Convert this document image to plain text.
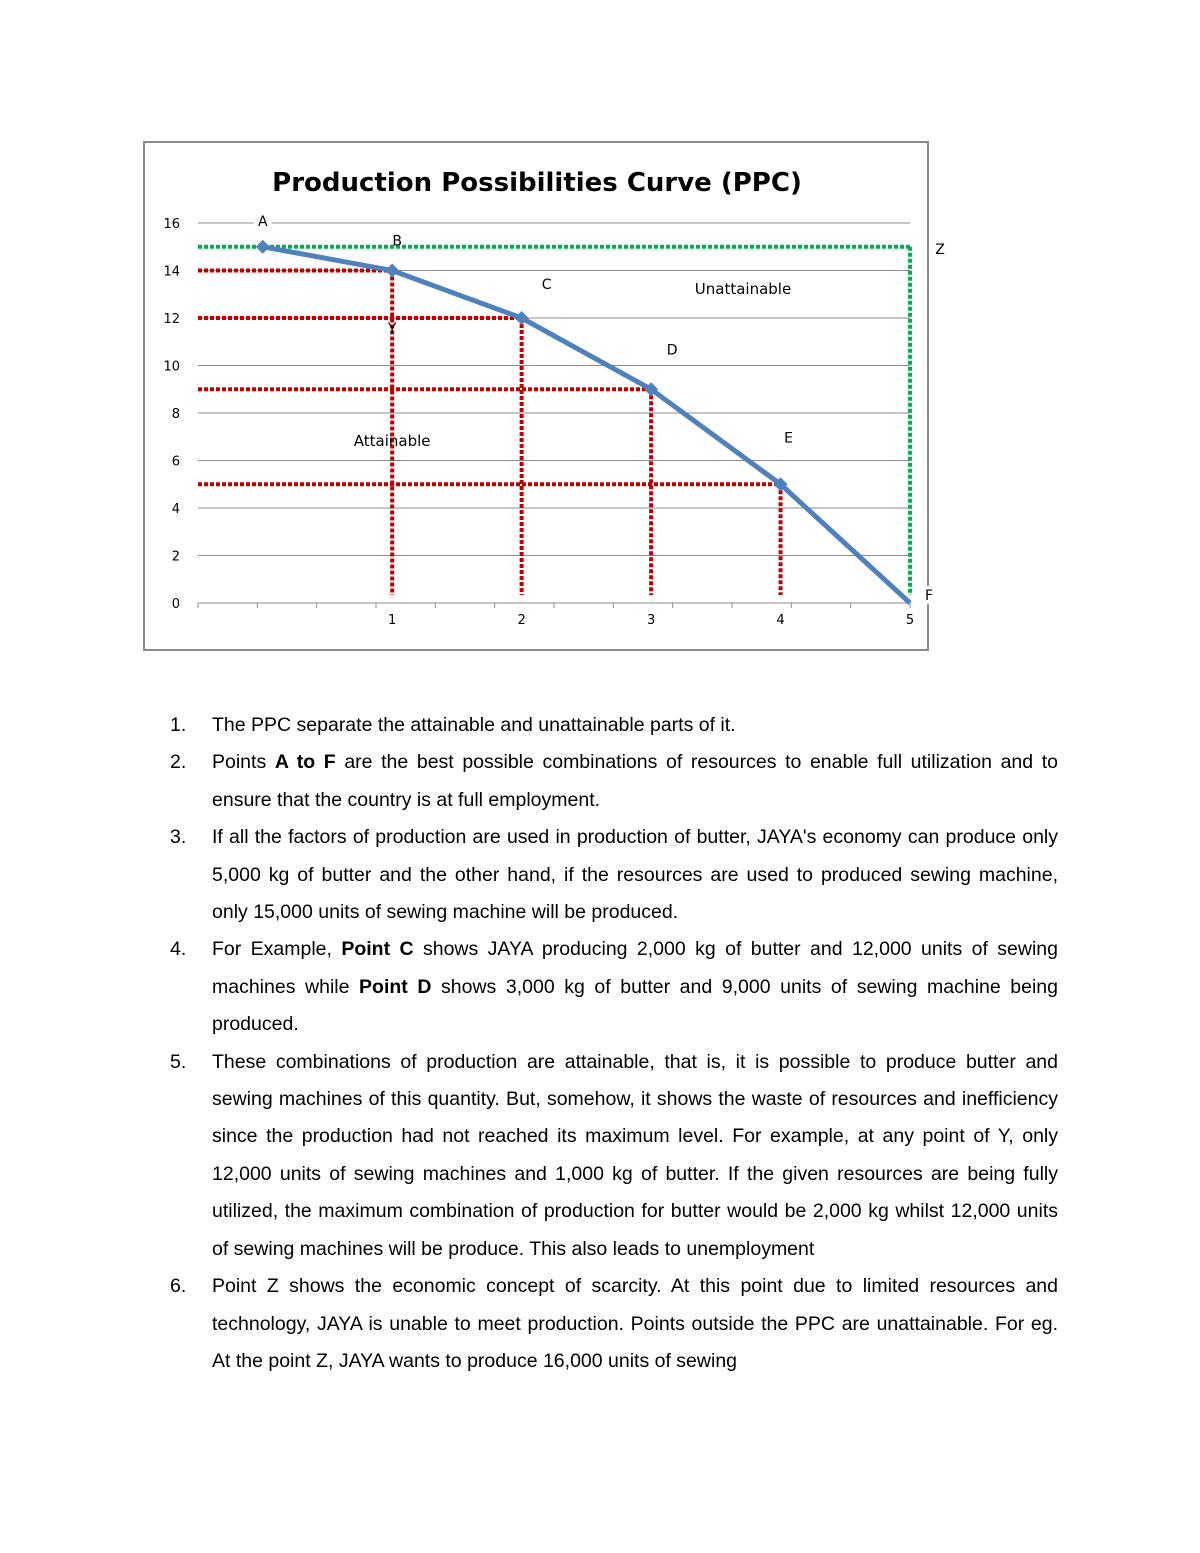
0
2
4
6
8
10
12
14
16
1	2	3	4	5
Production Possibilities Curve (PPC)
A
B
C
D
E
F
Y
Z
Attainable
Unattainable
1. The PPC separate the attainable and unattainable parts of it.
2. Points A to F are the best possible combinations of resources to enable full utilization and to ensure that the country is at full employment.
3. If all the factors of production are used in production of butter, JAYA's economy can produce only 5,000 kg of butter and the other hand, if the resources are used to produced sewing machine, only 15,000 units of sewing machine will be produced.
4. For Example, Point C shows JAYA producing 2,000 kg of butter and 12,000 units of sewing machines while Point D shows 3,000 kg of butter and 9,000 units of sewing machine being produced.
5. These combinations of production are attainable, that is, it is possible to produce butter and sewing machines of this quantity. But, somehow, it shows the waste of resources and inefficiency since the production had not reached its maximum level. For example, at any point of Y, only 12,000 units of sewing machines and 1,000 kg of butter. If the given resources are being fully utilized, the maximum combination of production for butter would be 2,000 kg whilst 12,000 units of sewing machines will be produce. This also leads to unemployment
6. Point Z shows the economic concept of scarcity. At this point due to limited resources and technology, JAYA is unable to meet production. Points outside the PPC are unattainable. For eg. At the point Z, JAYA wants to produce 16,000 units of sewing
